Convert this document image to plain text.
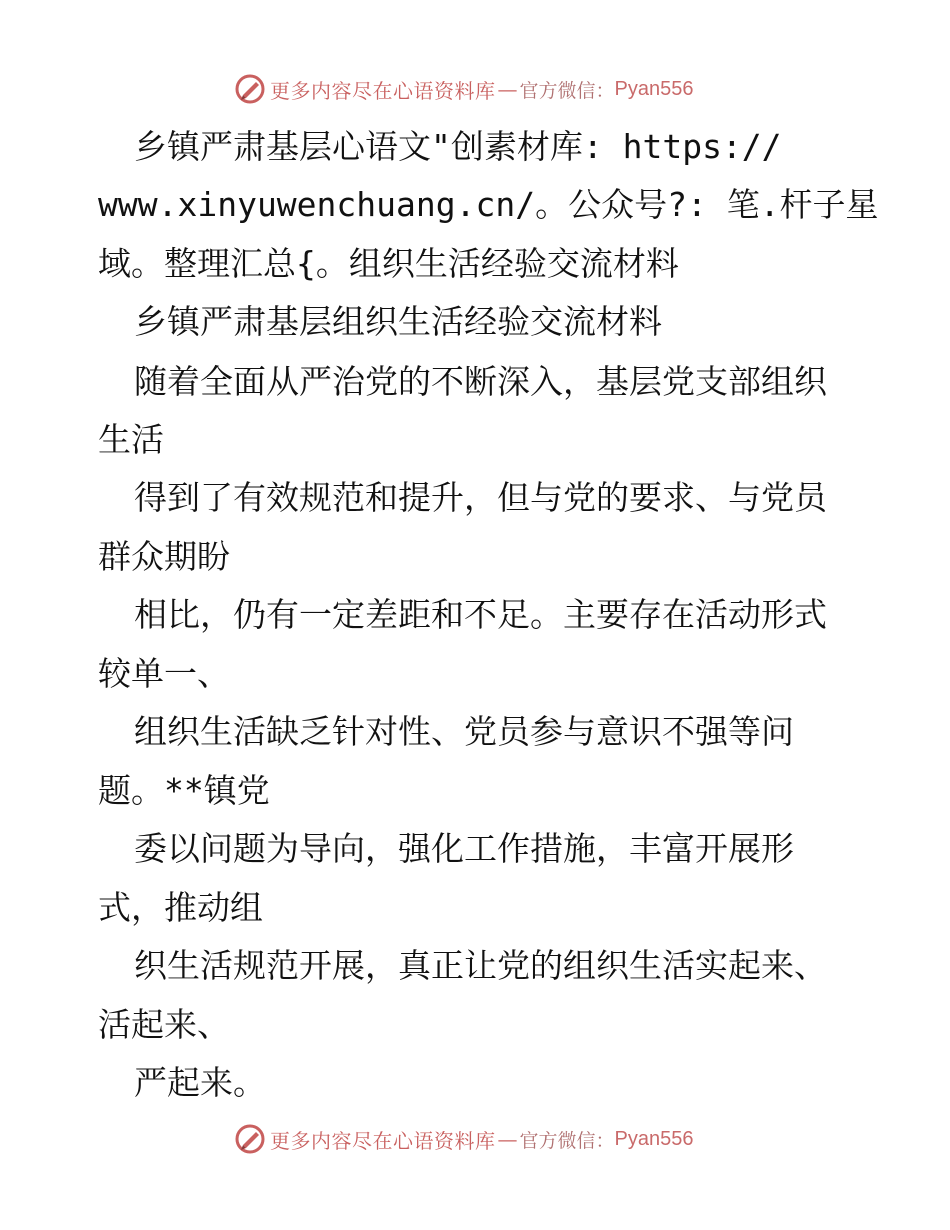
更多内容尽在心语资料库 — 官方微信： Pyan556
乡镇严肃基层心语文"创素材库: https://
www.xinyuwenchuang.cn/。公众号?: 笔.杆子星
域。整理汇总{。组织生活经验交流材料
乡镇严肃基层组织生活经验交流材料
随着全面从严治党的不断深入，基层党支部组织
生活
得到了有效规范和提升，但与党的要求、与党员
群众期盼
相比，仍有一定差距和不足。主要存在活动形式
较单一、
组织生活缺乏针对性、党员参与意识不强等问
题。**镇党
委以问题为导向，强化工作措施，丰富开展形
式，推动组
织生活规范开展，真正让党的组织生活实起来、
活起来、
严起来。
更多内容尽在心语资料库 — 官方微信： Pyan556
